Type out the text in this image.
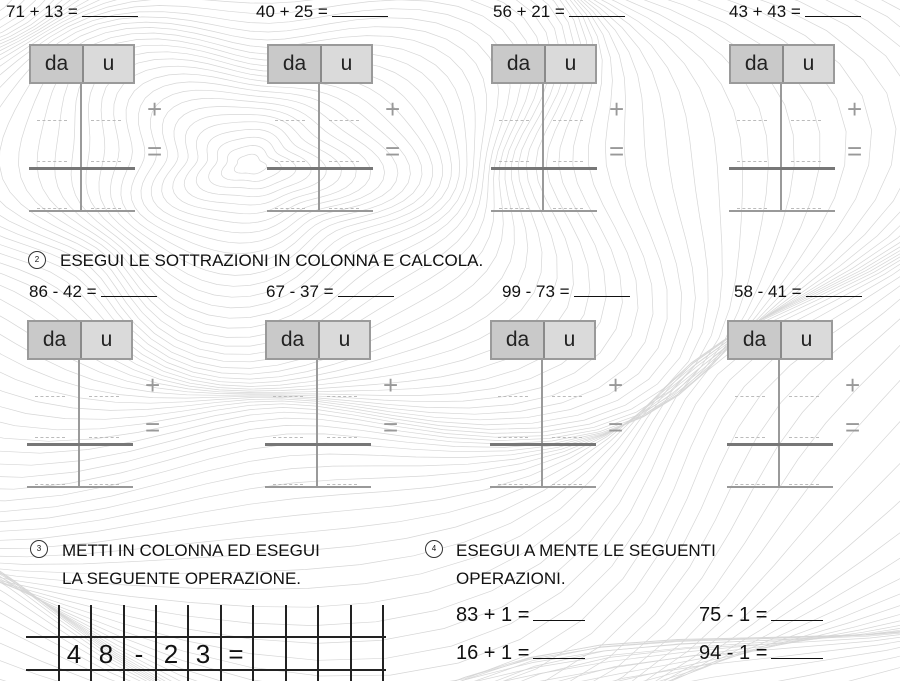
71 + 13 =
da	u
+
=
40 + 25 =
da	u
+
=
56 + 21 =
da	u
+
=
43 + 43 =
da	u
+
=
2	ESEGUI LE SOTTRAZIONI IN COLONNA E CALCOLA.
86 - 42 =
da	u
+
=
67 - 37 =
da	u
+
=
99 - 73 =
da	u
+
=
58 - 41 =
da	u
+
=
3	METTI IN COLONNA ED ESEGUI
LA SEGUENTE OPERAZIONE.
4 8 - 2 3 =
4	ESEGUI A MENTE LE SEGUENTI
OPERAZIONI.
83 + 1 =	75 - 1 =
16 + 1 =	94 - 1 =
